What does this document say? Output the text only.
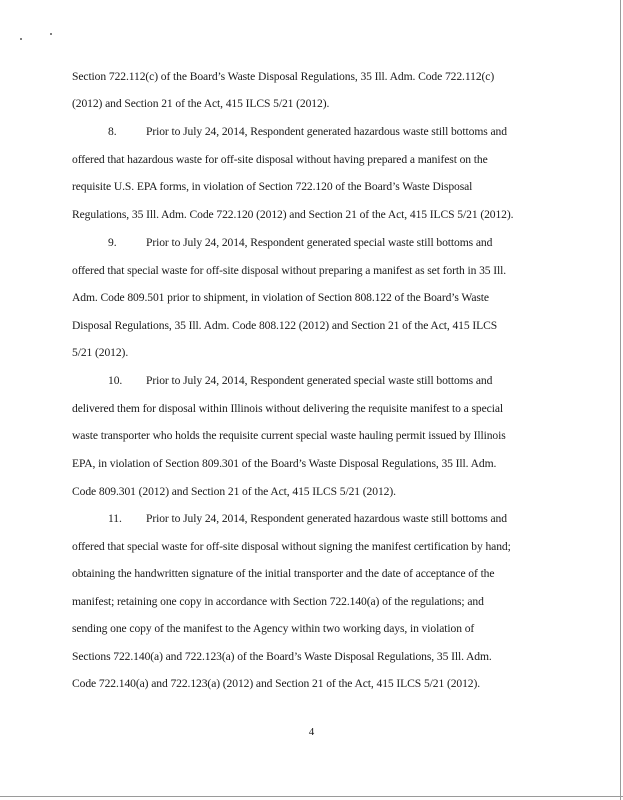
Section 722.112(c) of the Board’s Waste Disposal Regulations, 35 Ill. Adm. Code 722.112(c)
(2012) and Section 21 of the Act, 415 ILCS 5/21 (2012).
8.	Prior to July 24, 2014, Respondent generated hazardous waste still bottoms and
offered that hazardous waste for off-site disposal without having prepared a manifest on the
requisite U.S. EPA forms, in violation of Section 722.120 of the Board’s Waste Disposal
Regulations, 35 Ill. Adm. Code 722.120 (2012) and Section 21 of the Act, 415 ILCS 5/21 (2012).
9.	Prior to July 24, 2014, Respondent generated special waste still bottoms and
offered that special waste for off-site disposal without preparing a manifest as set forth in 35 Ill.
Adm. Code 809.501 prior to shipment, in violation of Section 808.122 of the Board’s Waste
Disposal Regulations, 35 Ill. Adm. Code 808.122 (2012) and Section 21 of the Act, 415 ILCS
5/21 (2012).
10. Prior to July 24, 2014, Respondent generated special waste still bottoms and
delivered them for disposal within Illinois without delivering the requisite manifest to a special
waste transporter who holds the requisite current special waste hauling permit issued by Illinois
EPA, in violation of Section 809.301 of the Board’s Waste Disposal Regulations, 35 Ill. Adm.
Code 809.301 (2012) and Section 21 of the Act, 415 ILCS 5/21 (2012).
11. Prior to July 24, 2014, Respondent generated hazardous waste still bottoms and
offered that special waste for off-site disposal without signing the manifest certification by hand;
obtaining the handwritten signature of the initial transporter and the date of acceptance of the
manifest; retaining one copy in accordance with Section 722.140(a) of the regulations; and
sending one copy of the manifest to the Agency within two working days, in violation of
Sections 722.140(a) and 722.123(a) of the Board’s Waste Disposal Regulations, 35 Ill. Adm.
Code 722.140(a) and 722.123(a) (2012) and Section 21 of the Act, 415 ILCS 5/21 (2012).
4
